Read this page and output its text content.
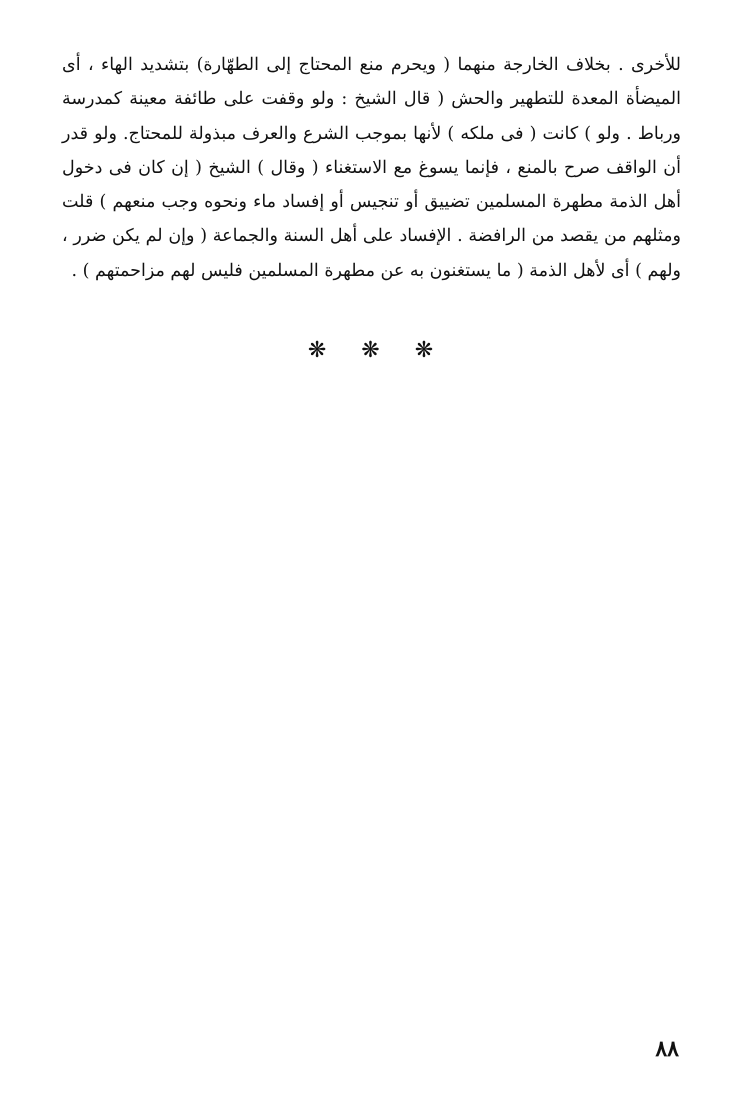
للأخرى . بخلاف الخارجة منهما ( ويحرم منع المحتاج إلى الطهّارة) بتشديد الهاء ، أى
الميضأة المعدة للتطهير والحش ( قال الشيخ : ولو وقفت على طائفة معينة كمدرسة
ورباط . ولو ) كانت ( فى ملكه ) لأنها بموجب الشرع والعرف مبذولة للمحتاج. ولو قدر
أن الواقف صرح بالمنع ، فإنما يسوغ مع الاستغناء ( وقال ) الشيخ ( إن كان فى دخول
أهل الذمة مطهرة المسلمين تضييق أو تنجيس أو إفساد ماء ونحوه وجب منعهم ) قلت
ومثلهم من يقصد من الرافضة . الإفساد على أهل السنة والجماعة ( وإن لم يكن ضرر ،
ولهم ) أى لأهل الذمة ( ما يستغنون به عن مطهرة المسلمين فليس لهم مزاحمتهم ) .
❋ ❋ ❋
٨٨
